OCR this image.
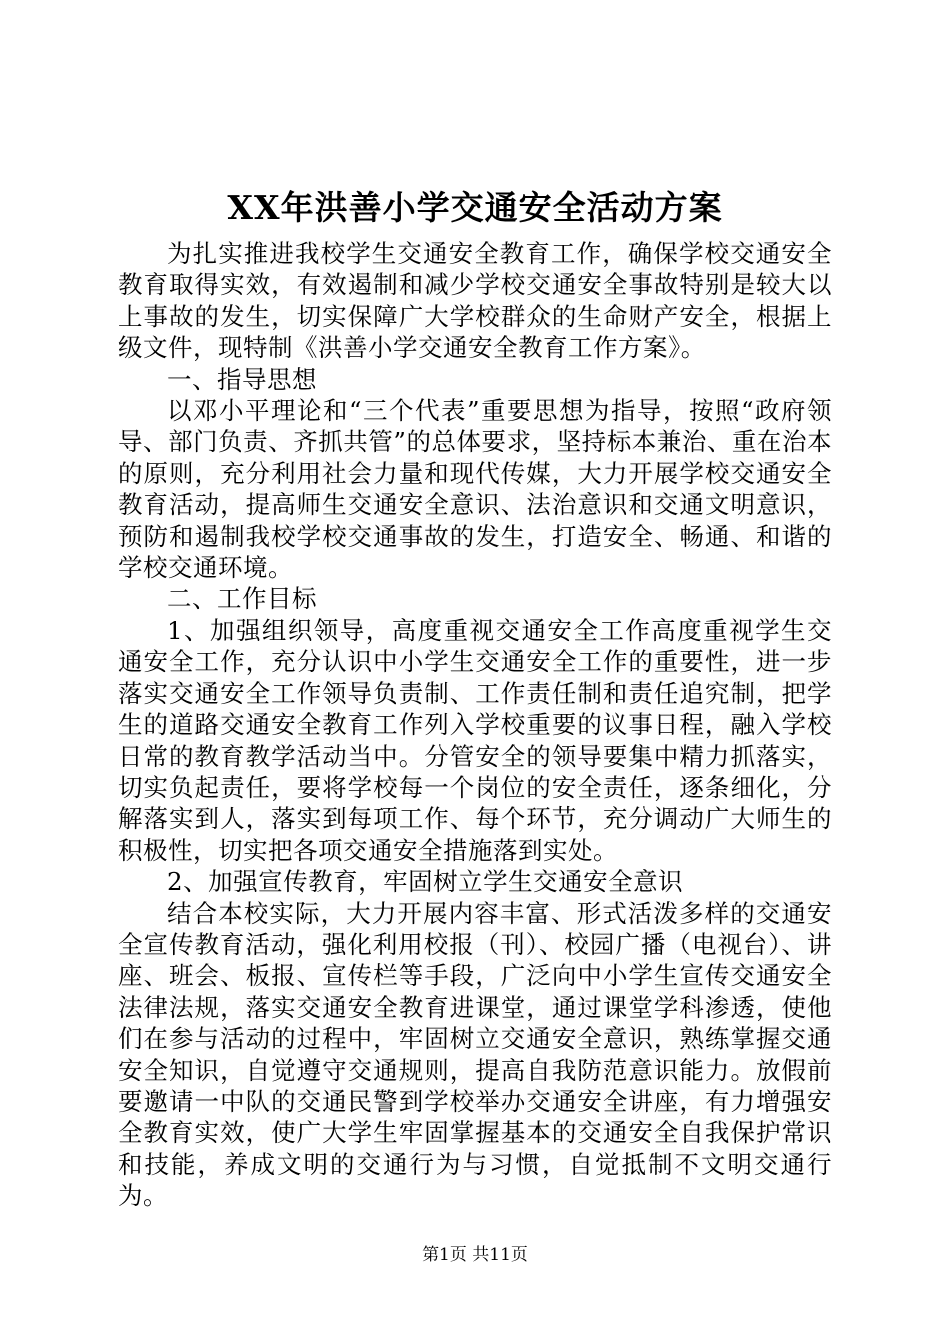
XX年洪善小学交通安全活动方案

为扎实推进我校学生交通安全教育工作，确保学校交通安全教育取得实效，有效遏制和减少学校交通安全事故特别是较大以上事故的发生，切实保障广大学校群众的生命财产安全，根据上级文件，现特制《洪善小学交通安全教育工作方案》。

一、指导思想

以邓小平理论和“三个代表”重要思想为指导，按照“政府领导、部门负责、齐抓共管”的总体要求，坚持标本兼治、重在治本的原则，充分利用社会力量和现代传媒，大力开展学校交通安全教育活动，提高师生交通安全意识、法治意识和交通文明意识，预防和遏制我校学校交通事故的发生，打造安全、畅通、和谐的学校交通环境。

二、工作目标

1、加强组织领导，高度重视交通安全工作高度重视学生交通安全工作，充分认识中小学生交通安全工作的重要性，进一步落实交通安全工作领导负责制、工作责任制和责任追究制，把学生的道路交通安全教育工作列入学校重要的议事日程，融入学校日常的教育教学活动当中。分管安全的领导要集中精力抓落实，切实负起责任，要将学校每一个岗位的安全责任，逐条细化，分解落实到人，落实到每项工作、每个环节，充分调动广大师生的积极性，切实把各项交通安全措施落到实处。

2、加强宣传教育，牢固树立学生交通安全意识

结合本校实际，大力开展内容丰富、形式活泼多样的交通安全宣传教育活动，强化利用校报（刊）、校园广播（电视台）、讲座、班会、板报、宣传栏等手段，广泛向中小学生宣传交通安全法律法规，落实交通安全教育进课堂，通过课堂学科渗透，使他们在参与活动的过程中，牢固树立交通安全意识，熟练掌握交通安全知识，自觉遵守交通规则，提高自我防范意识能力。放假前要邀请一中队的交通民警到学校举办交通安全讲座，有力增强安全教育实效，使广大学生牢固掌握基本的交通安全自我保护常识和技能，养成文明的交通行为与习惯，自觉抵制不文明交通行为。

第1页 共11页
